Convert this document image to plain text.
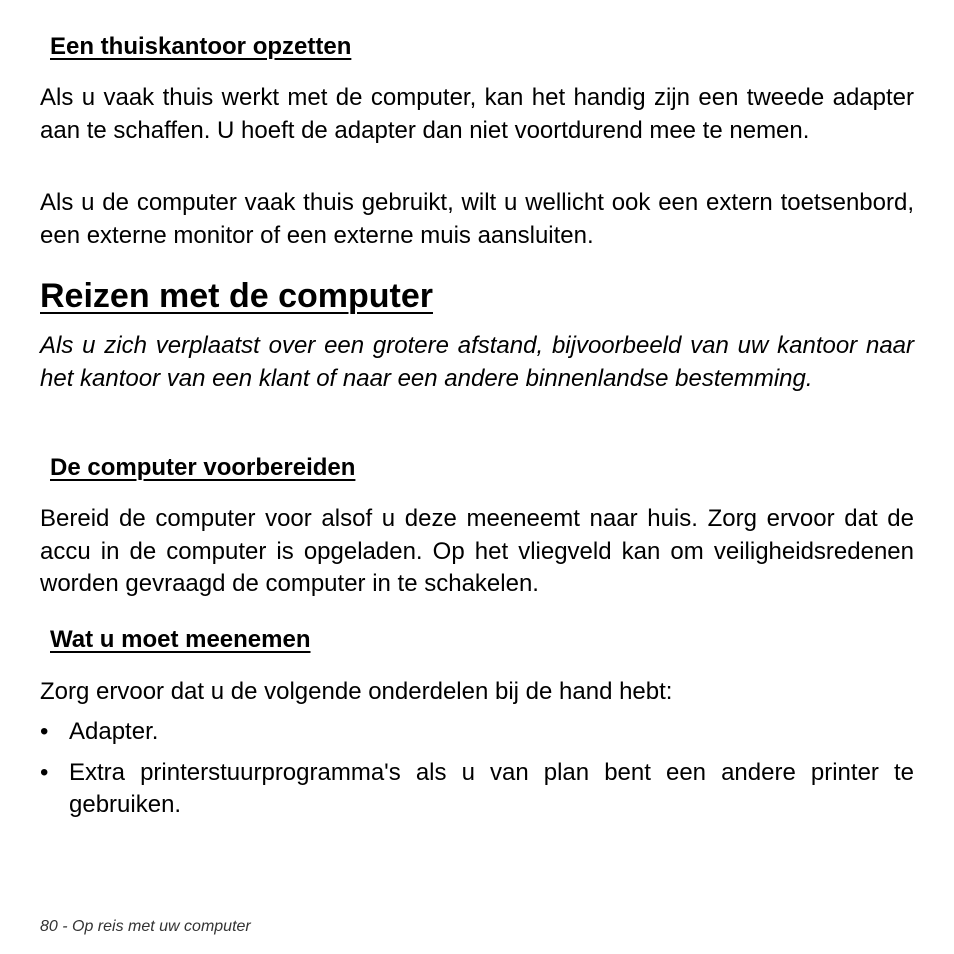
Een thuiskantoor opzetten

Als u vaak thuis werkt met de computer, kan het handig zijn een tweede adapter aan te schaffen. U hoeft de adapter dan niet voortdurend mee te nemen.

Als u de computer vaak thuis gebruikt, wilt u wellicht ook een extern toetsenbord, een externe monitor of een externe muis aansluiten.

Reizen met de computer

Als u zich verplaatst over een grotere afstand, bijvoorbeeld van uw kantoor naar het kantoor van een klant of naar een andere binnenlandse bestemming.

De computer voorbereiden

Bereid de computer voor alsof u deze meeneemt naar huis. Zorg ervoor dat de accu in de computer is opgeladen. Op het vliegveld kan om veiligheidsredenen worden gevraagd de computer in te schakelen.

Wat u moet meenemen

Zorg ervoor dat u de volgende onderdelen bij de hand hebt:

• Adapter.
• Extra printerstuurprogramma's als u van plan bent een andere printer te gebruiken.
80 - Op reis met uw computer
